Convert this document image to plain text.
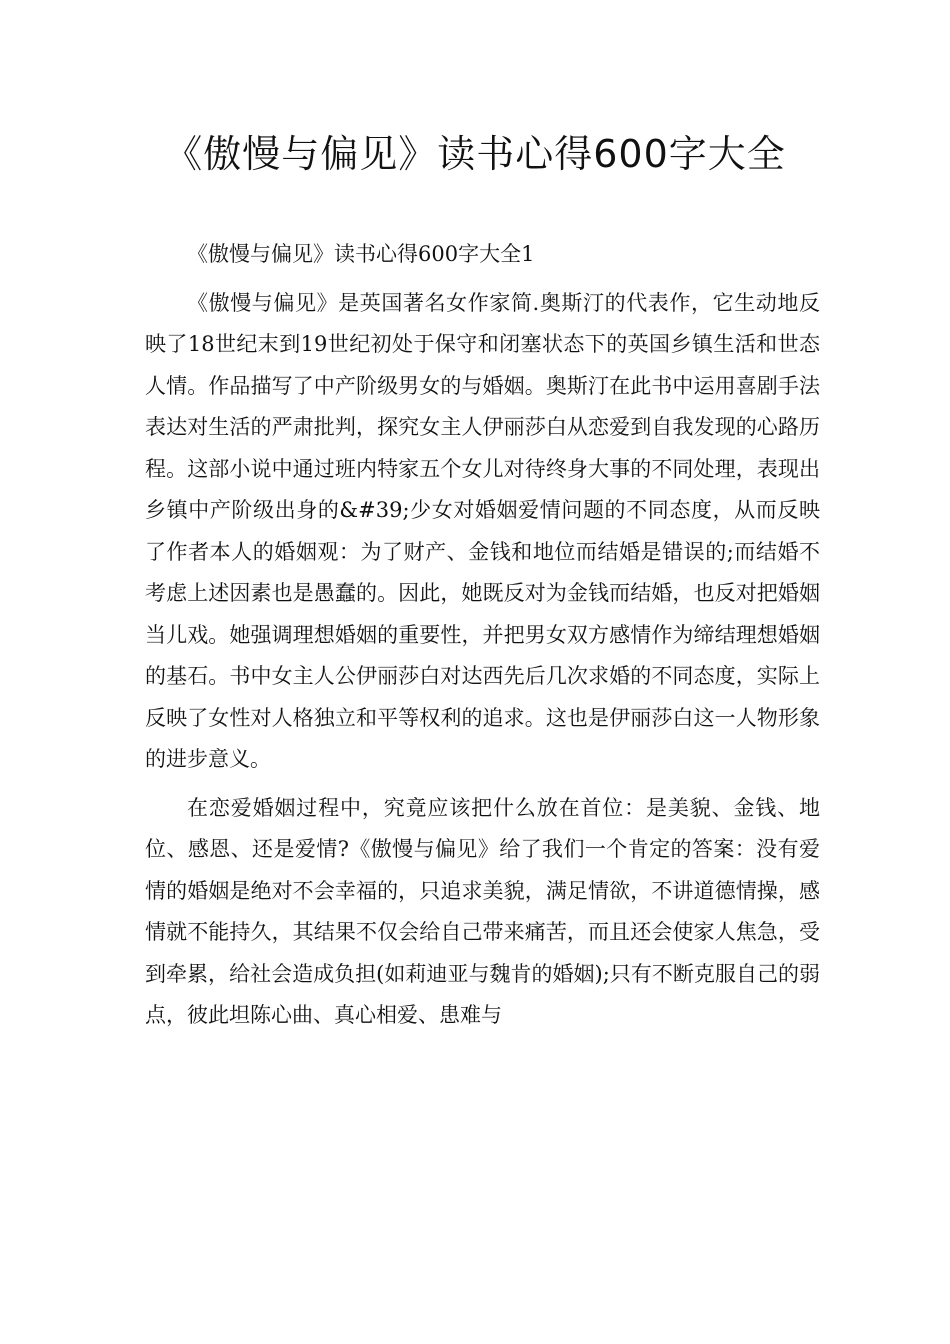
《傲慢与偏见》读书心得600字大全

《傲慢与偏见》读书心得600字大全1

《傲慢与偏见》是英国著名女作家简.奥斯汀的代表作，它生动地反映了18世纪末到19世纪初处于保守和闭塞状态下的英国乡镇生活和世态人情。作品描写了中产阶级男女的与婚姻。奥斯汀在此书中运用喜剧手法表达对生活的严肃批判，探究女主人伊丽莎白从恋爱到自我发现的心路历程。这部小说中通过班内特家五个女儿对待终身大事的不同处理，表现出乡镇中产阶级出身的&#39;少女对婚姻爱情问题的不同态度，从而反映了作者本人的婚姻观：为了财产、金钱和地位而结婚是错误的;而结婚不考虑上述因素也是愚蠢的。因此，她既反对为金钱而结婚，也反对把婚姻当儿戏。她强调理想婚姻的重要性，并把男女双方感情作为缔结理想婚姻的基石。书中女主人公伊丽莎白对达西先后几次求婚的不同态度，实际上反映了女性对人格独立和平等权利的追求。这也是伊丽莎白这一人物形象的进步意义。

在恋爱婚姻过程中，究竟应该把什么放在首位：是美貌、金钱、地位、感恩、还是爱情?《傲慢与偏见》给了我们一个肯定的答案：没有爱情的婚姻是绝对不会幸福的，只追求美貌，满足情欲，不讲道德情操，感情就不能持久，其结果不仅会给自己带来痛苦，而且还会使家人焦急，受到牵累，给社会造成负担(如莉迪亚与魏肯的婚姻);只有不断克服自己的弱点，彼此坦陈心曲、真心相爱、患难与
